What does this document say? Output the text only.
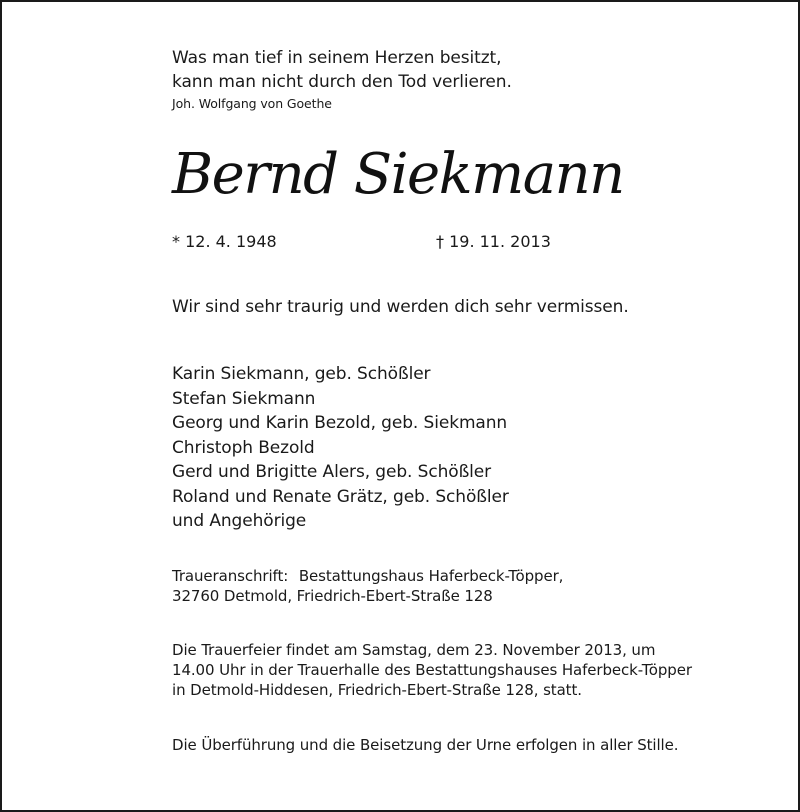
Was man tief in seinem Herzen besitzt,
kann man nicht durch den Tod verlieren.
Joh. Wolfgang von Goethe
Bernd Siekmann
* 12. 4. 1948	† 19. 11. 2013
Wir sind sehr traurig und werden dich sehr vermissen.
Karin Siekmann, geb. Schößler
Stefan Siekmann
Georg und Karin Bezold, geb. Siekmann
Christoph Bezold
Gerd und Brigitte Alers, geb. Schößler
Roland und Renate Grätz, geb. Schößler
und Angehörige
Traueranschrift: Bestattungshaus Haferbeck-Töpper,
32760 Detmold, Friedrich-Ebert-Straße 128
Die Trauerfeier findet am Samstag, dem 23. November 2013, um
14.00 Uhr in der Trauerhalle des Bestattungshauses Haferbeck-Töpper
in Detmold-Hiddesen, Friedrich-Ebert-Straße 128, statt.
Die Überführung und die Beisetzung der Urne erfolgen in aller Stille.
